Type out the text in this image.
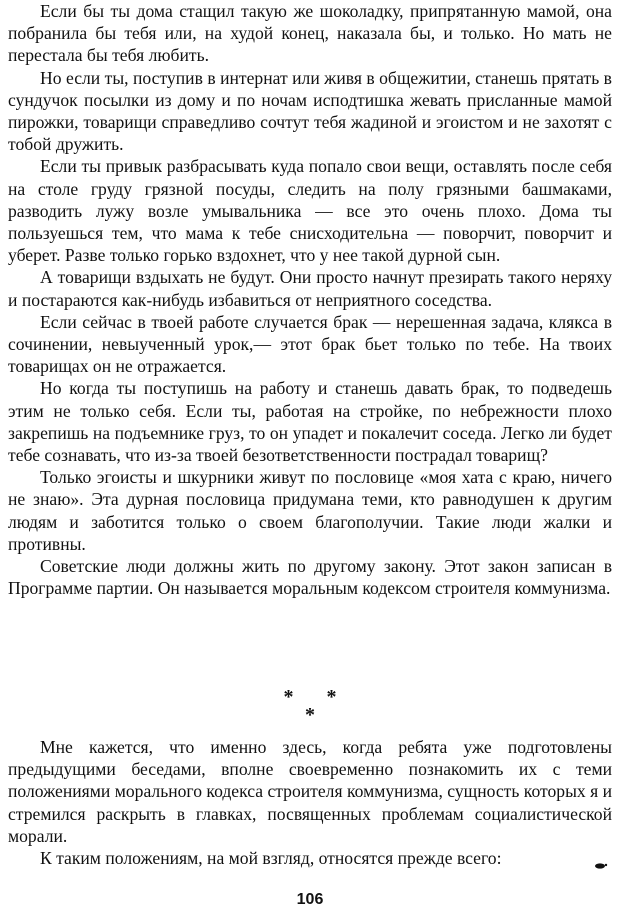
Если бы ты дома стащил такую же шоколадку, припрятанную мамой, она побранила бы тебя или, на худой конец, наказала бы, и только. Но мать не перестала бы тебя любить.

Но если ты, поступив в интернат или живя в общежитии, станешь прятать в сундучок посылки из дому и по ночам исподтишка жевать присланные мамой пирожки, товарищи справедливо сочтут тебя жадиной и эгоистом и не захотят с тобой дружить.

Если ты привык разбрасывать куда попало свои вещи, оставлять после себя на столе груду грязной посуды, следить на полу грязными башмаками, разводить лужу возле умывальника — все это очень плохо. Дома ты пользуешься тем, что мама к тебе снисходительна — поворчит, поворчит и уберет. Разве только горько вздохнет, что у нее такой дурной сын.

А товарищи вздыхать не будут. Они просто начнут презирать такого неряху и постараются как-нибудь избавиться от неприятного соседства.

Если сейчас в твоей работе случается брак — нерешенная задача, клякса в сочинении, невыученный урок,— этот брак бьет только по тебе. На твоих товарищах он не отражается.

Но когда ты поступишь на работу и станешь давать брак, то подведешь этим не только себя. Если ты, работая на стройке, по небрежности плохо закрепишь на подъемнике груз, то он упадет и покалечит соседа. Легко ли будет тебе сознавать, что из-за твоей безответственности пострадал товарищ?

Только эгоисты и шкурники живут по пословице «моя хата с краю, ничего не знаю». Эта дурная пословица придумана теми, кто равнодушен к другим людям и заботится только о своем благополучии. Такие люди жалки и противны.

Советские люди должны жить по другому закону. Этот закон записан в Программе партии. Он называется моральным кодексом строителя коммунизма.

* *
*

Мне кажется, что именно здесь, когда ребята уже подготовлены предыдущими беседами, вполне своевременно познакомить их с теми положениями морального кодекса строителя коммунизма, сущность которых я и стремился раскрыть в главках, посвященных проблемам социалистической морали.

К таким положениям, на мой взгляд, относятся прежде всего:

106
